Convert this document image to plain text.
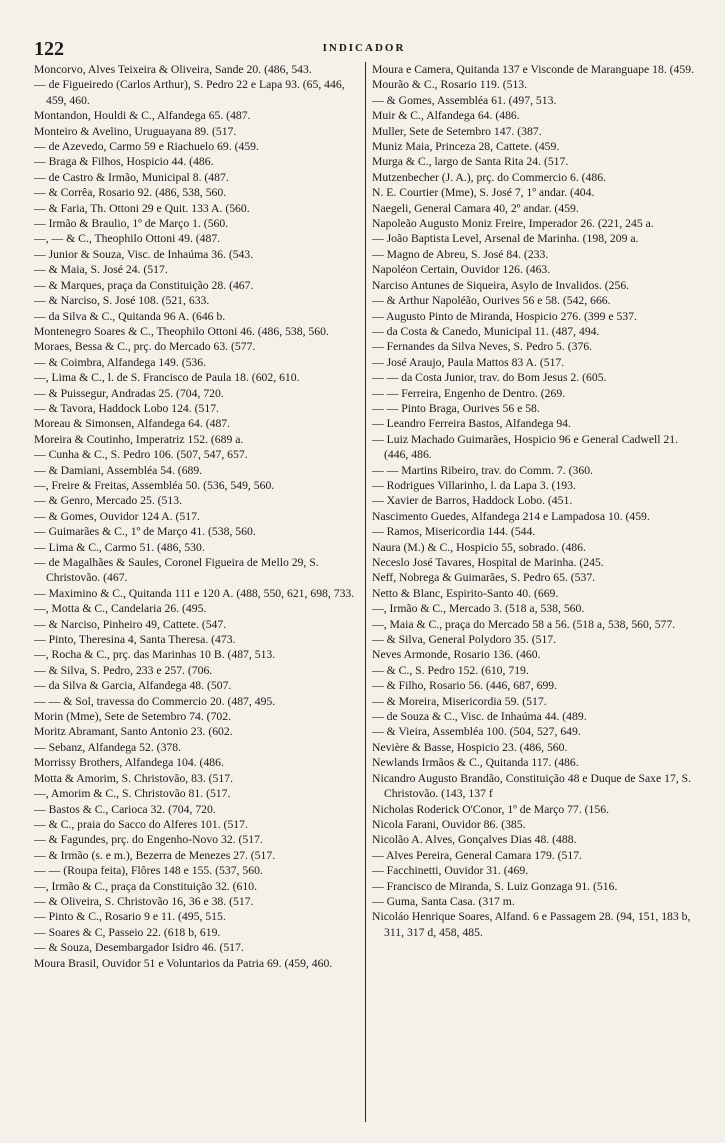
122	INDICADOR

Moncorvo, Alves Teixeira & Oliveira, Sande 20. (486, 543.

— de Figueiredo (Carlos Arthur), S. Pedro 22 e Lapa 93. (65, 446, 459, 460.

Montandon, Houldi & C., Alfandega 65. (487.

Monteiro & Avelino, Uruguayana 89. (517.

— de Azevedo, Carmo 59 e Riachuelo 69. (459.

— Braga & Filhos, Hospicio 44. (486.

— de Castro & Irmão, Municipal 8. (487.

— & Corrêa, Rosario 92. (486, 538, 560.

— & Faria, Th. Ottoni 29 e Quit. 133 A. (560.

— Irmão & Braulio, 1º de Março 1. (560.

—, — & C., Theophilo Ottoni 49. (487.

— Junior & Souza, Visc. de Inhaúma 36. (543.

— & Maia, S. José 24. (517.

— & Marques, praça da Constituição 28. (467.

— & Narciso, S. José 108. (521, 633.

— da Silva & C., Quitanda 96 A. (646 b.

Montenegro Soares & C., Theophilo Ottoni 46. (486, 538, 560.

Moraes, Bessa & C., prç. do Mercado 63. (577.

— & Coimbra, Alfandega 149. (536.

—, Lima & C., l. de S. Francisco de Paula 18. (602, 610.

— & Puissegur, Andradas 25. (704, 720.

— & Tavora, Haddock Lobo 124. (517.

Moreau & Simonsen, Alfandega 64. (487.

Moreira & Coutinho, Imperatriz 152. (689 a.

— Cunha & C., S. Pedro 106. (507, 547, 657.

— & Damiani, Assembléa 54. (689.

—, Freire & Freitas, Assembléa 50. (536, 549, 560.

— & Genro, Mercado 25. (513.

— & Gomes, Ouvidor 124 A. (517.

— Guimarães & C., 1º de Março 41. (538, 560.

— Lima & C., Carmo 51. (486, 530.

— de Magalhães & Saules, Coronel Figueira de Mello 29, S. Christovão. (467.

— Maximino & C., Quitanda 111 e 120 A. (488, 550, 621, 698, 733.

—, Motta & C., Candelaria 26. (495.

— & Narciso, Pinheiro 49, Cattete. (547.

— Pinto, Theresina 4, Santa Theresa. (473.

—, Rocha & C., prç. das Marinhas 10 B. (487, 513.

— & Silva, S. Pedro, 233 e 257. (706.

— da Silva & Garcia, Alfandega 48. (507.

— — & Sol, travessa do Commercio 20. (487, 495.

Morin (Mme), Sete de Setembro 74. (702.

Moritz Abramant, Santo Antonio 23. (602.

— Sebanz, Alfandega 52. (378.

Morrissy Brothers, Alfandega 104. (486.

Motta & Amorim, S. Christovão, 83. (517.

—, Amorim & C., S. Christovão 81. (517.

— Bastos & C., Carioca 32. (704, 720.

— & C., praia do Sacco do Alferes 101. (517.

— & Fagundes, prç. do Engenho-Novo 32. (517.

— & Irmão (s. e m.), Bezerra de Menezes 27. (517.

— — (Roupa feita), Flôres 148 e 155. (537, 560.

—, Irmão & C., praça da Constituição 32. (610.

— & Oliveira, S. Christovão 16, 36 e 38. (517.

— Pinto & C., Rosario 9 e 11. (495, 515.

— Soares & C, Passeio 22. (618 b, 619.

— & Souza, Desembargador Isidro 46. (517.

Moura Brasil, Ouvidor 51 e Voluntarios da Patria 69. (459, 460.

Moura e Camera, Quitanda 137 e Visconde de Maranguape 18. (459.

Mourão & C., Rosario 119. (513.

— & Gomes, Assembléa 61. (497, 513.

Muir & C., Alfandega 64. (486.

Muller, Sete de Setembro 147. (387.

Muniz Maia, Princeza 28, Cattete. (459.

Murga & C., largo de Santa Rita 24. (517.

Mutzenbecher (J. A.), prç. do Commercio 6. (486.

N. E. Courtier (Mme), S. José 7, 1º andar. (404.

Naegeli, General Camara 40, 2º andar. (459.

Napoleão Augusto Moniz Freire, Imperador 26. (221, 245 a.

— João Baptista Level, Arsenal de Marinha. (198, 209 a.

— Magno de Abreu, S. José 84. (233.

Napoléon Certain, Ouvidor 126. (463.

Narciso Antunes de Siqueira, Asylo de Invalidos. (256.

— & Arthur Napoléão, Ourives 56 e 58. (542, 666.

— Augusto Pinto de Miranda, Hospicio 276. (399 e 537.

— da Costa & Canedo, Municipal 11. (487, 494.

— Fernandes da Silva Neves, S. Pedro 5. (376.

— José Araujo, Paula Mattos 83 A. (517.

— — da Costa Junior, trav. do Bom Jesus 2. (605.

— — Ferreira, Engenho de Dentro. (269.

— — Pinto Braga, Ourives 56 e 58.

— Leandro Ferreira Bastos, Alfandega 94.

— Luiz Machado Guimarães, Hospicio 96 e General Cadwell 21. (446, 486.

— — Martins Ribeiro, trav. do Comm. 7. (360.

— Rodrigues Villarinho, l. da Lapa 3. (193.

— Xavier de Barros, Haddock Lobo. (451.

Nascimento Guedes, Alfandega 214 e Lampadosa 10. (459.

— Ramos, Misericordia 144. (544.

Naura (M.) & C., Hospicio 55, sobrado. (486.

Neceslo José Tavares, Hospital de Marinha. (245.

Neff, Nobrega & Guimarães, S. Pedro 65. (537.

Netto & Blanc, Espirito-Santo 40. (669.

—, Irmão & C., Mercado 3. (518 a, 538, 560.

—, Maia & C., praça do Mercado 58 a 56. (518 a, 538, 560, 577.

— & Silva, General Polydoro 35. (517.

Neves Armonde, Rosario 136. (460.

— & C., S. Pedro 152. (610, 719.

— & Filho, Rosario 56. (446, 687, 699.

— & Moreira, Misericordia 59. (517.

— de Souza & C., Visc. de Inhaúma 44. (489.

— & Vieira, Assembléa 100. (504, 527, 649.

Nevière & Basse, Hospicio 23. (486, 560.

Newlands Irmãos & C., Quitanda 117. (486.

Nicandro Augusto Brandão, Constituição 48 e Duque de Saxe 17, S. Christovão. (143, 137 f

Nicholas Roderick O'Conor, 1º de Março 77. (156.

Nicola Farani, Ouvidor 86. (385.

Nicolão A. Alves, Gonçalves Dias 48. (488.

— Alves Pereira, General Camara 179. (517.

— Facchinetti, Ouvidor 31. (469.

— Francisco de Miranda, S. Luiz Gonzaga 91. (516.

— Guma, Santa Casa. (317 m.

Nicoláo Henrique Soares, Alfand. 6 e Passagem 28. (94, 151, 183 b, 311, 317 d, 458, 485.
